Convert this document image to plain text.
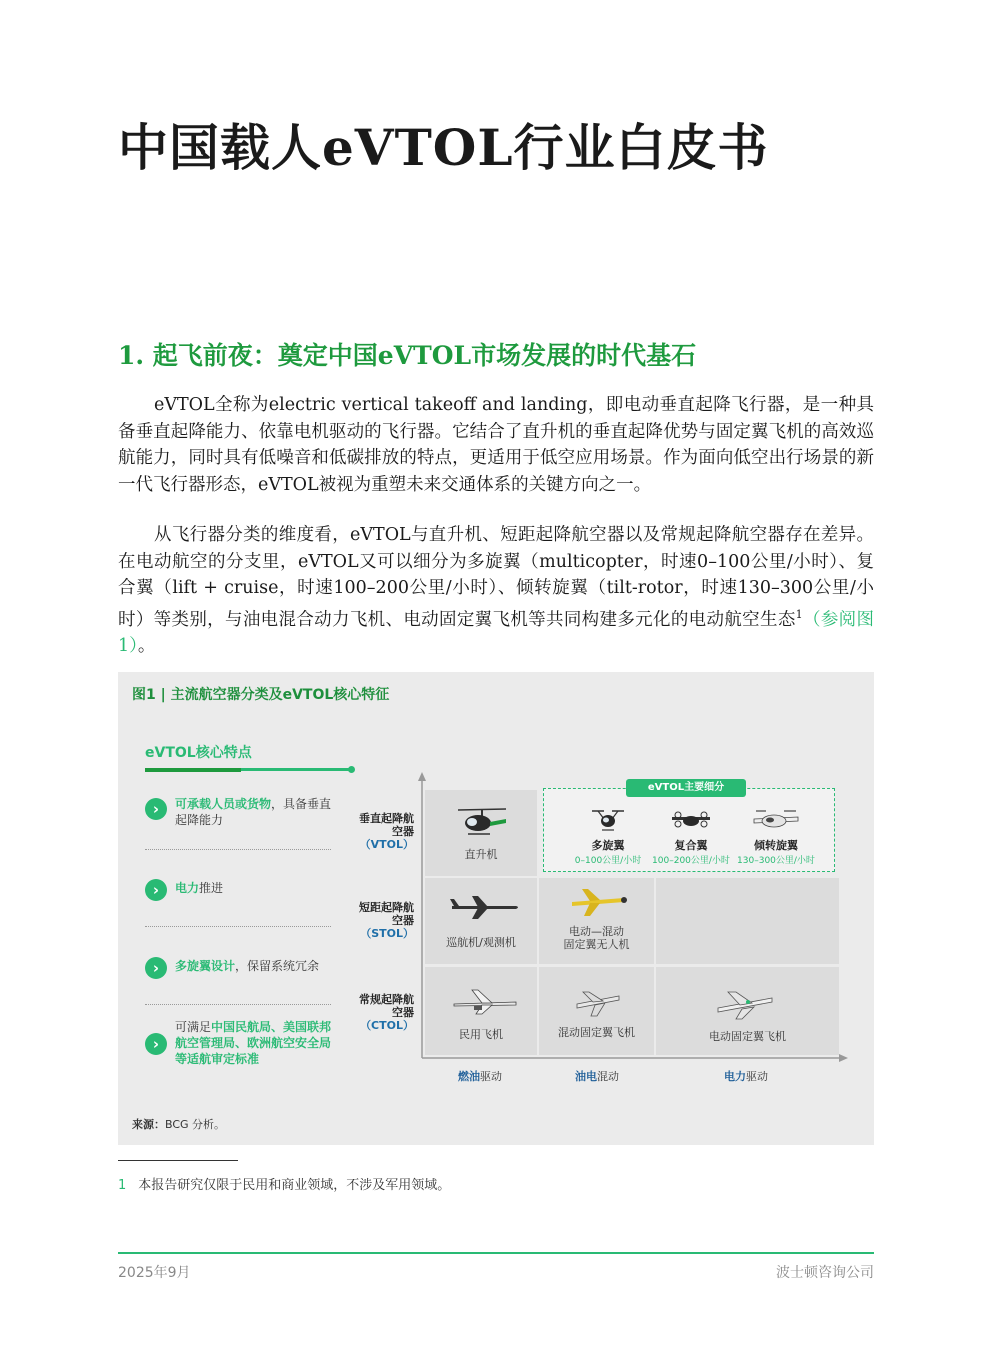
中国载人eVTOL行业白皮书
1. 起飞前夜：奠定中国eVTOL市场发展的时代基石

eVTOL全称为electric vertical takeoff and landing，即电动垂直起降飞行器，是一种具备垂直起降能力、依靠电机驱动的飞行器。它结合了直升机的垂直起降优势与固定翼飞机的高效巡航能力，同时具有低噪音和低碳排放的特点，更适用于低空应用场景。作为面向低空出行场景的新一代飞行器形态，eVTOL被视为重塑未来交通体系的关键方向之一。

从飞行器分类的维度看，eVTOL与直升机、短距起降航空器以及常规起降航空器存在差异。在电动航空的分支里，eVTOL又可以细分为多旋翼（multicopter，时速0–100公里/小时）、复合翼（lift + cruise，时速100–200公里/小时）、倾转旋翼（tilt-rotor，时速130–300公里/小时）等类别，与油电混合动力飞机、电动固定翼飞机等共同构建多元化的电动航空生态$^1$（参阅图1）。

图1 | 主流航空器分类及eVTOL核心特征
eVTOL核心特点
›	可承载人员或货物，具备垂直起降能力
›	电力推进
›	多旋翼设计，保留系统冗余
›
可满足中国民航局、美国联邦航空管理局、欧洲航空安全局等适航审定标准
eVTOL主要细分
垂直起降航空器
（VTOL）
短距起降航空器
（STOL）
常规起降航空器
（CTOL）
直升机
巡航机/观测机
电动—混动
固定翼无人机
民用飞机	混动固定翼飞机	电动固定翼飞机
多旋翼
0–100公里/小时
复合翼
100–200公里/小时
倾转旋翼
130–300公里/小时
燃油驱动	油电混动	电力驱动
来源：BCG 分析。
1 本报告研究仅限于民用和商业领域，不涉及军用领域。
2025年9月	波士顿咨询公司
